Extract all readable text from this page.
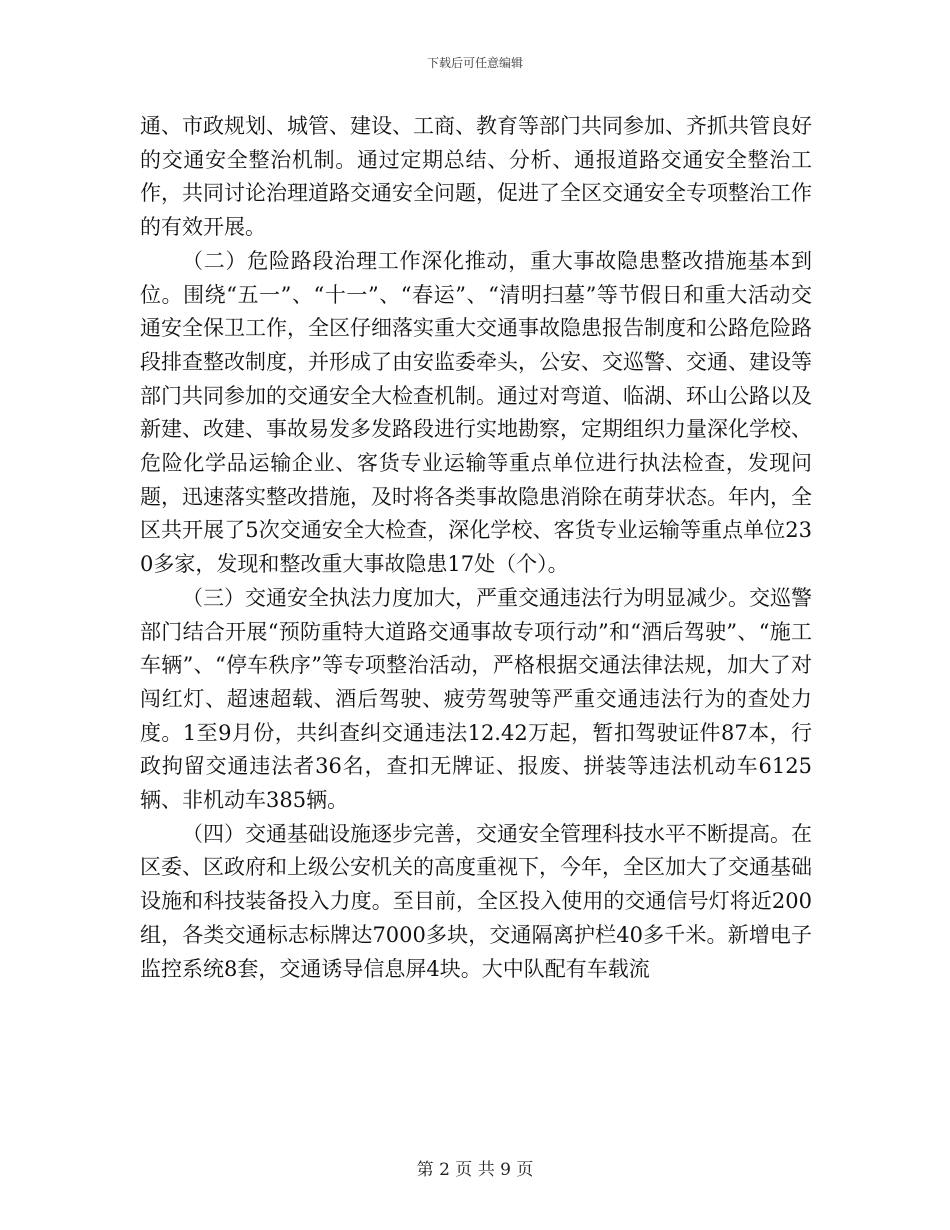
下载后可任意编辑

通、市政规划、城管、建设、工商、教育等部门共同参加、齐抓共管良好的交通安全整治机制。通过定期总结、分析、通报道路交通安全整治工作，共同讨论治理道路交通安全问题，促进了全区交通安全专项整治工作的有效开展。

（二）危险路段治理工作深化推动，重大事故隐患整改措施基本到位。围绕“五一”、“十一”、“春运”、“清明扫墓”等节假日和重大活动交通安全保卫工作，全区仔细落实重大交通事故隐患报告制度和公路危险路段排查整改制度，并形成了由安监委牵头，公安、交巡警、交通、建设等部门共同参加的交通安全大检查机制。通过对弯道、临湖、环山公路以及新建、改建、事故易发多发路段进行实地勘察，定期组织力量深化学校、危险化学品运输企业、客货专业运输等重点单位进行执法检查，发现问题，迅速落实整改措施，及时将各类事故隐患消除在萌芽状态。年内，全区共开展了5次交通安全大检查，深化学校、客货专业运输等重点单位230多家，发现和整改重大事故隐患17处（个）。

（三）交通安全执法力度加大，严重交通违法行为明显减少。交巡警部门结合开展“预防重特大道路交通事故专项行动”和“酒后驾驶”、“施工车辆”、“停车秩序”等专项整治活动，严格根据交通法律法规，加大了对闯红灯、超速超载、酒后驾驶、疲劳驾驶等严重交通违法行为的查处力度。1至9月份，共纠查纠交通违法12.42万起，暂扣驾驶证件87本，行政拘留交通违法者36名，查扣无牌证、报废、拼装等违法机动车6125辆、非机动车385辆。

（四）交通基础设施逐步完善，交通安全管理科技水平不断提高。在区委、区政府和上级公安机关的高度重视下，今年，全区加大了交通基础设施和科技装备投入力度。至目前，全区投入使用的交通信号灯将近200组，各类交通标志标牌达7000多块，交通隔离护栏40多千米。新增电子监控系统8套，交通诱导信息屏4块。大中队配有车载流

第 2 页 共 9 页
